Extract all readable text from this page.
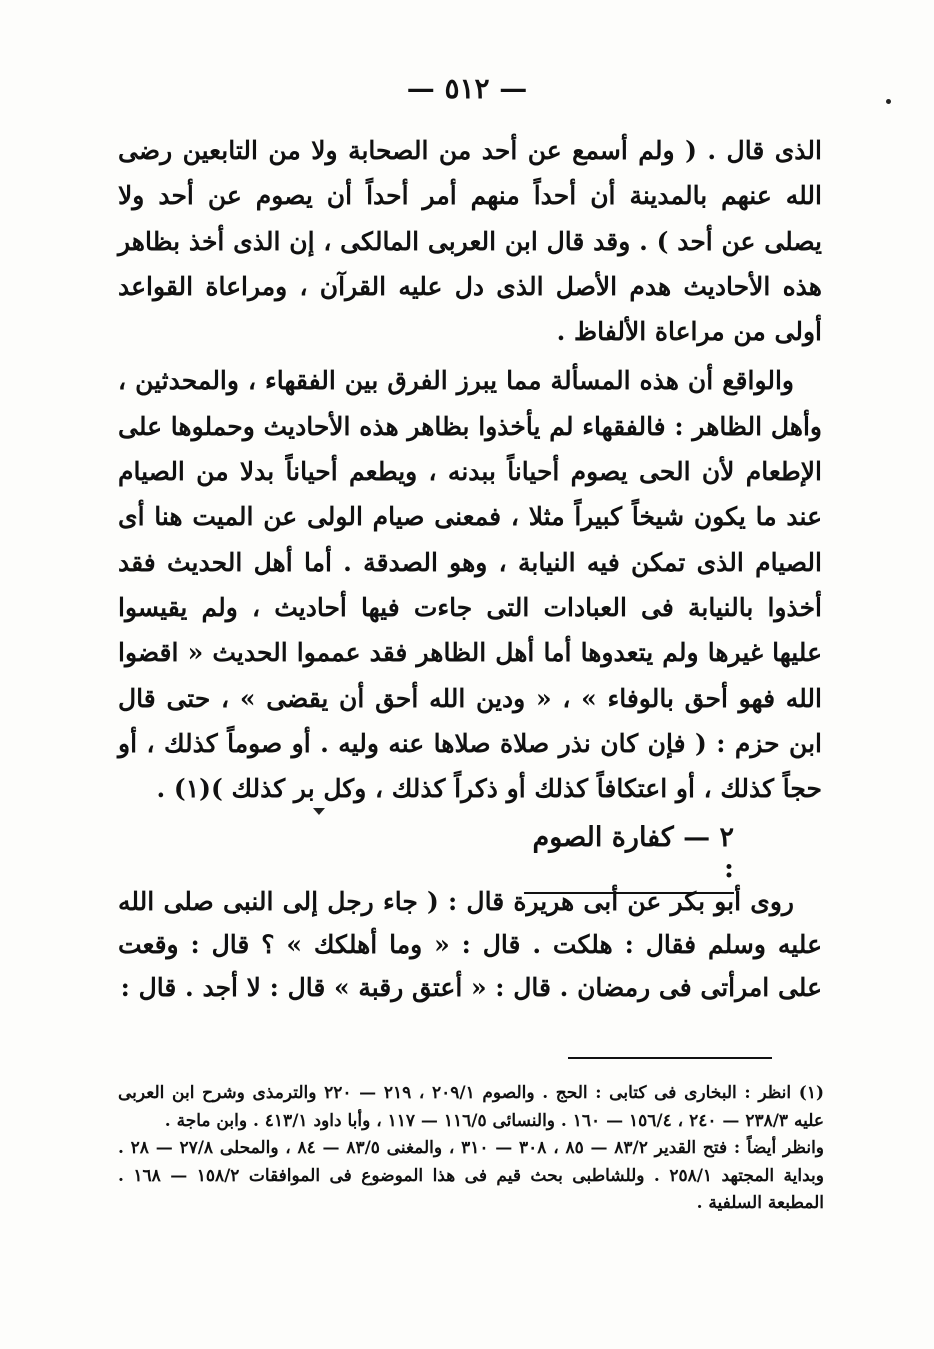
— ٥١٢ —

الذى قال . ( ولم أسمع عن أحد من الصحابة ولا من التابعين رضى الله عنهم بالمدينة أن أحداً منهم أمر أحداً أن يصوم عن أحد ولا يصلى عن أحد ) . وقد قال ابن العربى المالكى ، إن الذى أخذ بظاهر هذه الأحاديث هدم الأصل الذى دل عليه القرآن ، ومراعاة القواعد أولى من مراعاة الألفاظ .

والواقع أن هذه المسألة مما يبرز الفرق بين الفقهاء ، والمحدثين ، وأهل الظاهر : فالفقهاء لم يأخذوا بظاهر هذه الأحاديث وحملوها على الإطعام لأن الحى يصوم أحياناً ببدنه ، ويطعم أحياناً بدلا من الصيام عند ما يكون شيخاً كبيراً مثلا ، فمعنى صيام الولى عن الميت هنا أى الصيام الذى تمكن فيه النيابة ، وهو الصدقة . أما أهل الحديث فقد أخذوا بالنيابة فى العبادات التى جاءت فيها أحاديث ، ولم يقيسوا عليها غيرها ولم يتعدوها أما أهل الظاهر فقد عمموا الحديث « اقضوا الله فهو أحق بالوفاء » ، « ودين الله أحق أن يقضى » ، حتى قال ابن حزم : ( فإن كان نذر صلاة صلاها عنه وليه . أو صوماً كذلك ، أو حجاً كذلك ، أو اعتكافاً كذلك أو ذكراً كذلك ، وكل بر كذلك )(١) .

٢ — كفارة الصوم :

روى أبو بكر عن أبى هريرة قال : ( جاء رجل إلى النبى صلى الله عليه وسلم فقال : هلكت . قال : « وما أهلكك » ؟ قال : وقعت على امرأتى فى رمضان . قال : « أعتق رقبة » قال : لا أجد . قال :

(١) انظر : البخارى فى كتابى : الحج . والصوم ٢٠٩/١ ، ٢١٩ — ٢٢٠ والترمذى وشرح ابن العربى عليه ٢٣٨/٣ — ٢٤٠ ، ١٥٦/٤ — ١٦٠ . والنسائى ١١٦/٥ — ١١٧ ، وأبا داود ٤١٣/١ . وابن ماجة .

وانظر أيضاً : فتح القدير ٨٣/٢ — ٨٥ ، ٣٠٨ — ٣١٠ ، والمغنى ٨٣/٥ — ٨٤ ، والمحلى ٢٧/٨ — ٢٨ . وبداية المجتهد ٢٥٨/١ . وللشاطبى بحث قيم فى هذا الموضوع فى الموافقات ١٥٨/٢ — ١٦٨ . المطبعة السلفية .
